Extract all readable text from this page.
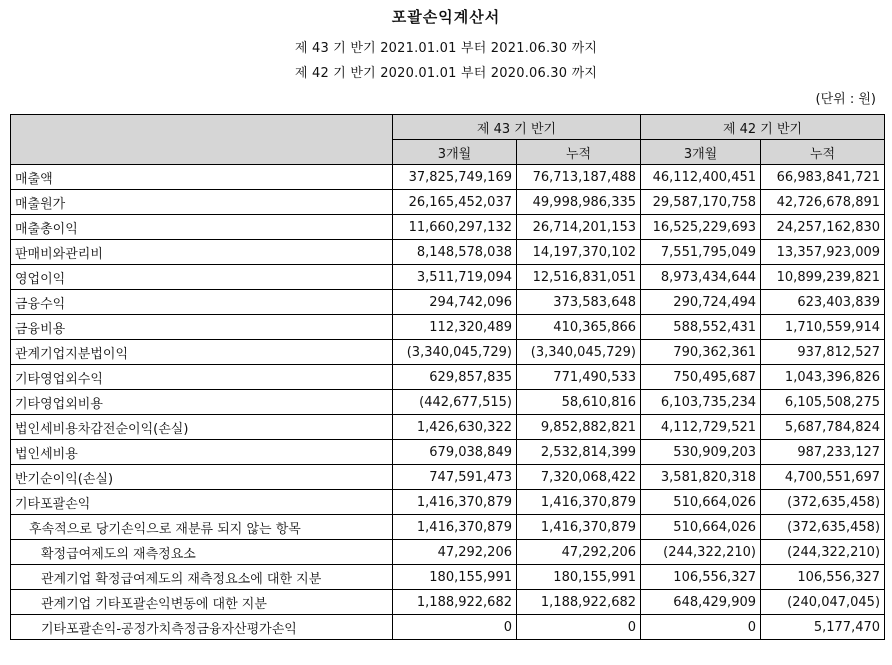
포괄손익계산서
제 43 기 반기 2021.01.01 부터 2021.06.30 까지
제 42 기 반기 2020.01.01 부터 2020.06.30 까지
(단위 : 원)
	제 43 기 반기		제 42 기 반기	
	3개월	누적	3개월	누적
매출액	37,825,749,169	76,713,187,488	46,112,400,451	66,983,841,721
매출원가	26,165,452,037	49,998,986,335	29,587,170,758	42,726,678,891
매출총이익	11,660,297,132	26,714,201,153	16,525,229,693	24,257,162,830
판매비와관리비	8,148,578,038	14,197,370,102	7,551,795,049	13,357,923,009
영업이익	3,511,719,094	12,516,831,051	8,973,434,644	10,899,239,821
금융수익	294,742,096	373,583,648	290,724,494	623,403,839
금융비용	112,320,489	410,365,866	588,552,431	1,710,559,914
관계기업지분법이익	(3,340,045,729)	(3,340,045,729)	790,362,361	937,812,527
기타영업외수익	629,857,835	771,490,533	750,495,687	1,043,396,826
기타영업외비용	(442,677,515)	58,610,816	6,103,735,234	6,105,508,275
법인세비용차감전순이익(손실)	1,426,630,322	9,852,882,821	4,112,729,521	5,687,784,824
법인세비용	679,038,849	2,532,814,399	530,909,203	987,233,127
반기순이익(손실)	747,591,473	7,320,068,422	3,581,820,318	4,700,551,697
기타포괄손익	1,416,370,879	1,416,370,879	510,664,026	(372,635,458)
후속적으로 당기손익으로 재분류 되지 않는 항목	1,416,370,879	1,416,370,879	510,664,026	(372,635,458)
확정급여제도의 재측정요소	47,292,206	47,292,206	(244,322,210)	(244,322,210)
관계기업 확정급여제도의 재측정요소에 대한 지분	180,155,991	180,155,991	106,556,327	106,556,327
관계기업 기타포괄손익변동에 대한 지분	1,188,922,682	1,188,922,682	648,429,909	(240,047,045)
기타포괄손익-공정가치측정금융자산평가손익	0	0	0	5,177,470
